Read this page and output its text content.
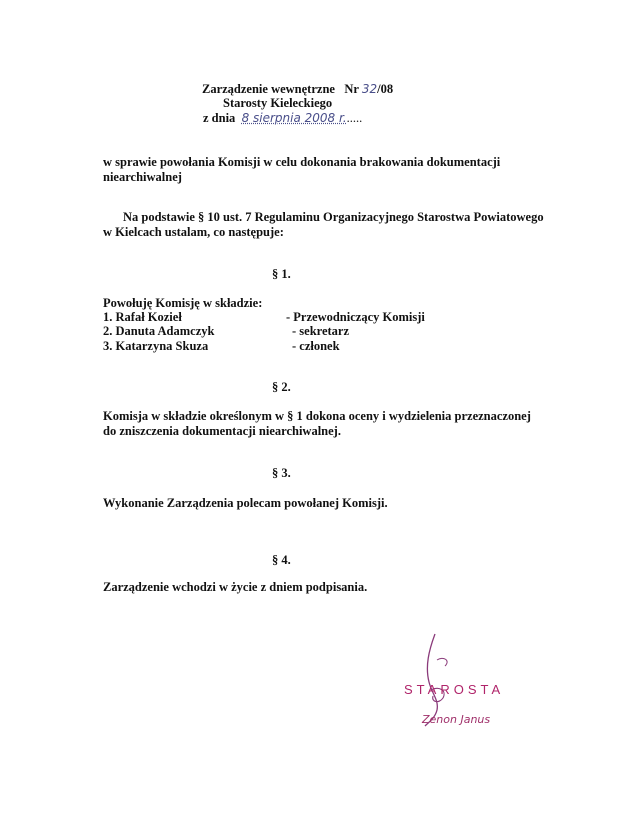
Zarządzenie wewnętrzne Nr 32/08
Starosty Kieleckiego
z dnia 8 sierpnia 2008 r......
w sprawie powołania Komisji w celu dokonania brakowania dokumentacji
niearchiwalnej
Na podstawie § 10 ust. 7 Regulaminu Organizacyjnego Starostwa Powiatowego
w Kielcach ustalam, co następuje:
§ 1.
Powołuję Komisję w składzie:
1. Rafał Kozieł	- Przewodniczący Komisji
2. Danuta Adamczyk	- sekretarz
3. Katarzyna Skuza	- członek
§ 2.
Komisja w składzie określonym w § 1 dokona oceny i wydzielenia przeznaczonej
do zniszczenia dokumentacji niearchiwalnej.
§ 3.
Wykonanie Zarządzenia polecam powołanej Komisji.
§ 4.
Zarządzenie wchodzi w życie z dniem podpisania.
STAROSTA
Zenon Janus
